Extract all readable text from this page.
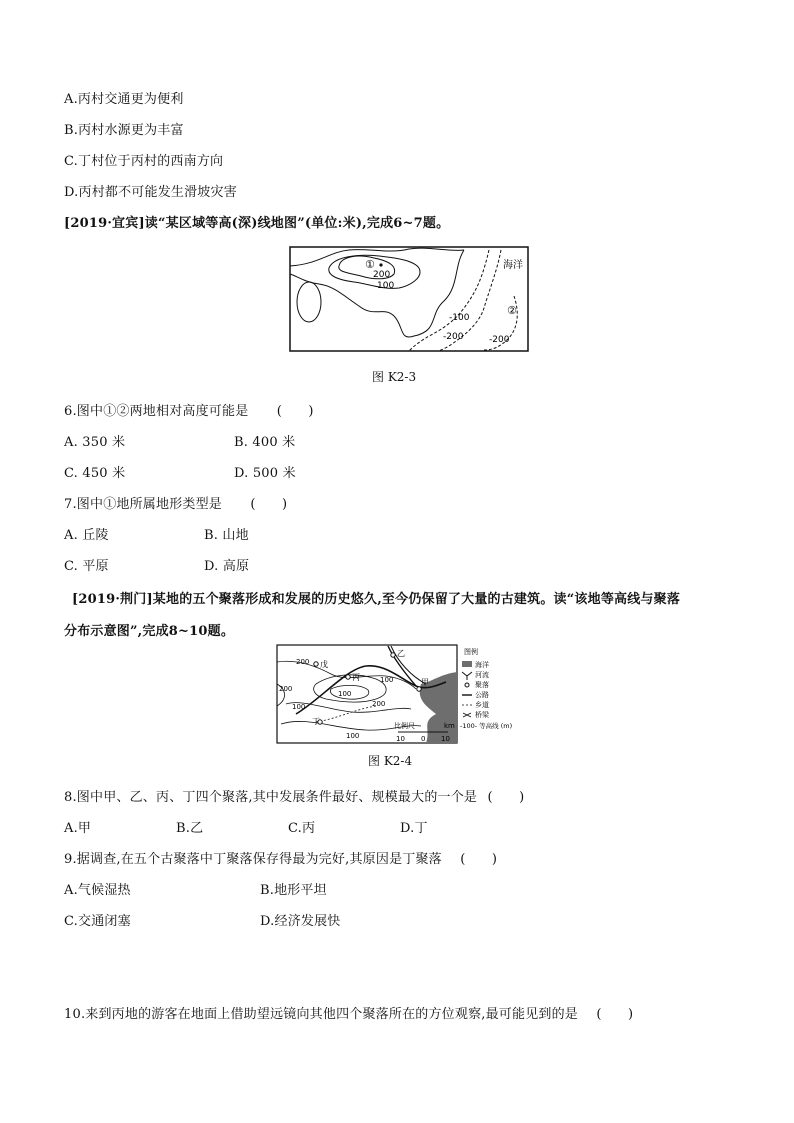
A.丙村交通更为便利
B.丙村水源更为丰富
C.丁村位于丙村的西南方向
D.丙村都不可能发生滑坡灾害
[2019·宜宾]读“某区域等高(深)线地图”(单位:米),完成6~7题。
①
②
200
100
-100
-200	-200
海洋
图 K2-3
6.图中①②两地相对高度可能是 (　　)
A. 350 米	B. 400 米
C. 450 米	D. 500 米
7.图中①地所属地形类型是 (　　)
A. 丘陵	B. 山地
C. 平原	D. 高原
[2019·荆门]某地的五个聚落形成和发展的历史悠久,至今仍保留了大量的古建筑。读“该地等高线与聚落
分布示意图”,完成8~10题。
戊
乙
丙
甲
丁
200
200
200
100
100
100
100
比例尺	km
10 0 10
图例
海洋
河流
聚落
公路
乡道
桥梁
-100- 等高线 (m)
图 K2-4
8.图中甲、乙、丙、丁四个聚落,其中发展条件最好、规模最大的一个是 (　　)
A.甲	B.乙	C.丙	D.丁
9.据调查,在五个古聚落中丁聚落保存得最为完好,其原因是丁聚落 (　　)
A.气候湿热	B.地形平坦
C.交通闭塞	D.经济发展快
10.来到丙地的游客在地面上借助望远镜向其他四个聚落所在的方位观察,最可能见到的是 (　　)
